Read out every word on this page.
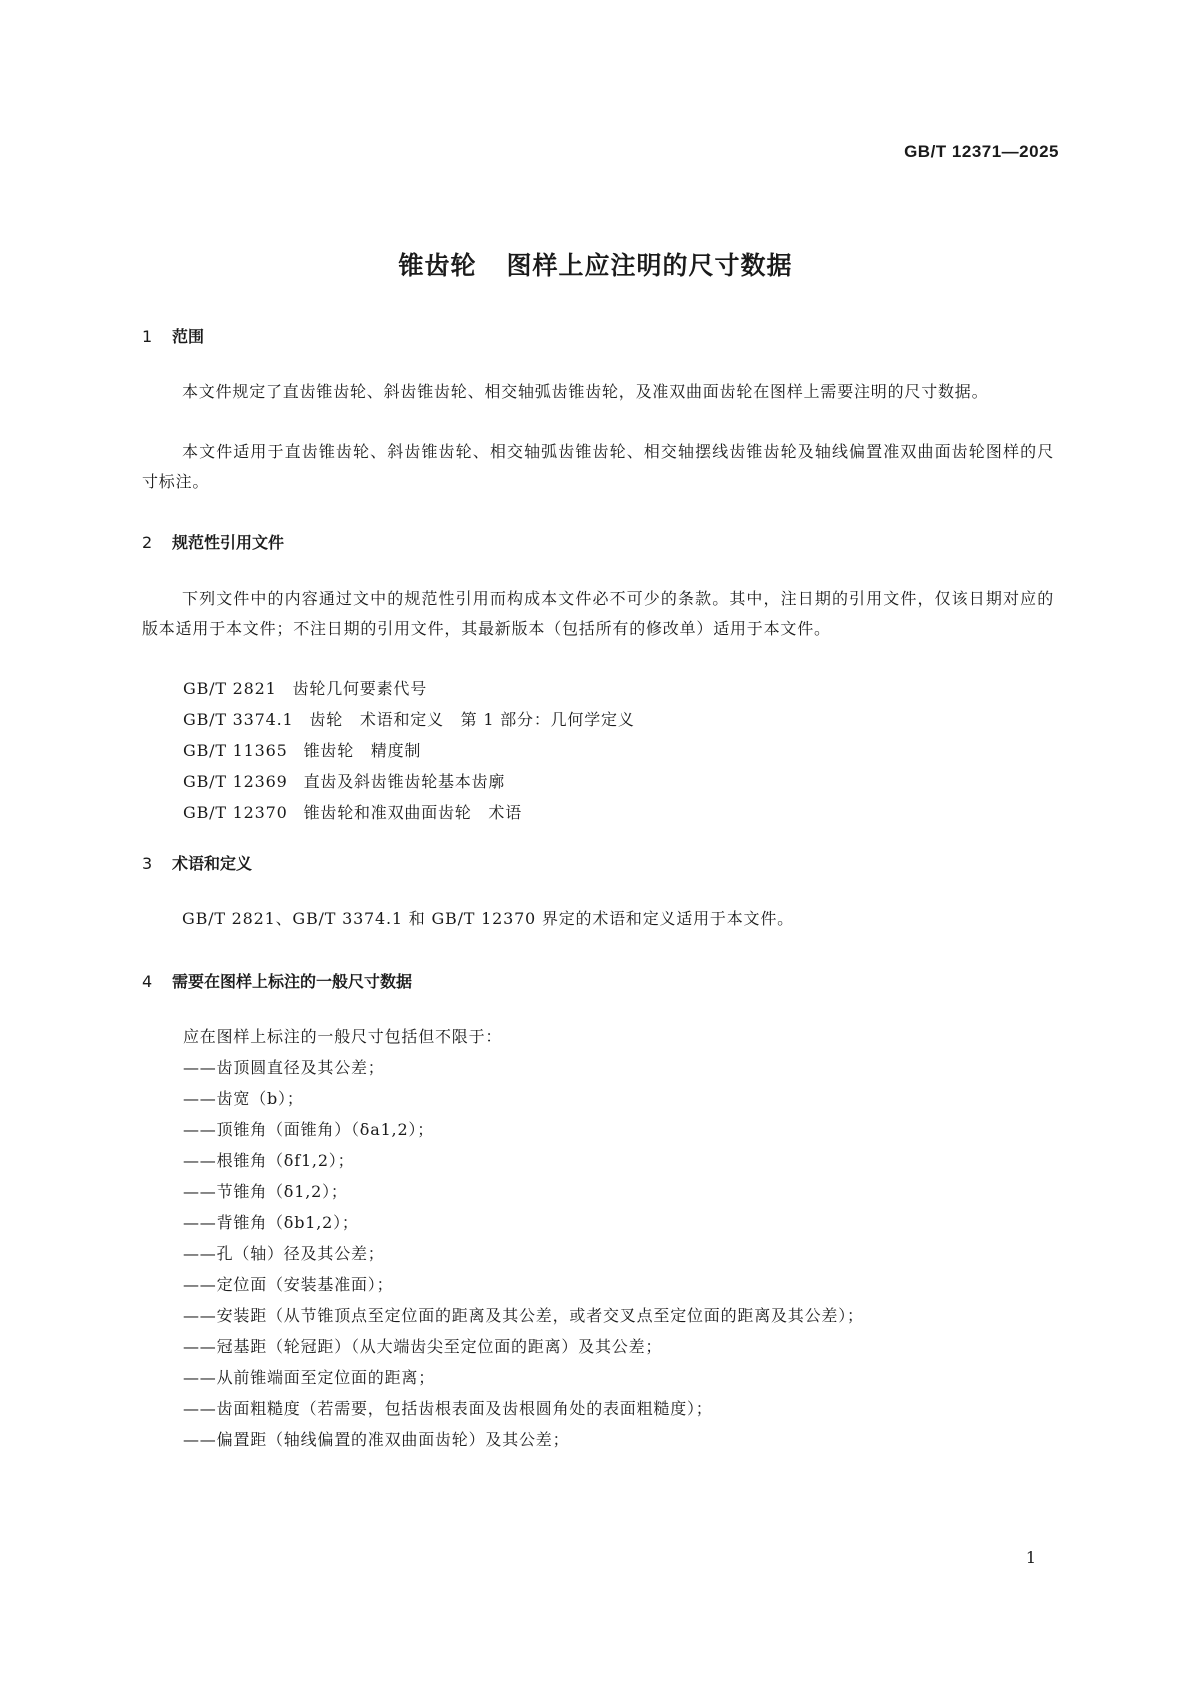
GB/T 12371—2025
锥齿轮 图样上应注明的尺寸数据
1 范围

本文件规定了直齿锥齿轮、斜齿锥齿轮、相交轴弧齿锥齿轮，及准双曲面齿轮在图样上需要注明的尺寸数据。

本文件适用于直齿锥齿轮、斜齿锥齿轮、相交轴弧齿锥齿轮、相交轴摆线齿锥齿轮及轴线偏置准双曲面齿轮图样的尺寸标注。

2 规范性引用文件

下列文件中的内容通过文中的规范性引用而构成本文件必不可少的条款。其中，注日期的引用文件，仅该日期对应的版本适用于本文件；不注日期的引用文件，其最新版本（包括所有的修改单）适用于本文件。

GB/T 2821 齿轮几何要素代号
GB/T 3374.1 齿轮　术语和定义　第 1 部分：几何学定义
GB/T 11365 锥齿轮　精度制
GB/T 12369 直齿及斜齿锥齿轮基本齿廓
GB/T 12370 锥齿轮和准双曲面齿轮　术语
3 术语和定义

GB/T 2821、GB/T 3374.1 和 GB/T 12370 界定的术语和定义适用于本文件。

4 需要在图样上标注的一般尺寸数据
应在图样上标注的一般尺寸包括但不限于：
——齿顶圆直径及其公差；
——齿宽（b）；
——顶锥角（面锥角）（δa1,2）；
——根锥角（δf1,2）；
——节锥角（δ1,2）；
——背锥角（δb1,2）；
——孔（轴）径及其公差；
——定位面（安装基准面）；
——安装距（从节锥顶点至定位面的距离及其公差，或者交叉点至定位面的距离及其公差）；
——冠基距（轮冠距）（从大端齿尖至定位面的距离）及其公差；
——从前锥端面至定位面的距离；
——齿面粗糙度（若需要，包括齿根表面及齿根圆角处的表面粗糙度）；
——偏置距（轴线偏置的准双曲面齿轮）及其公差；
1
